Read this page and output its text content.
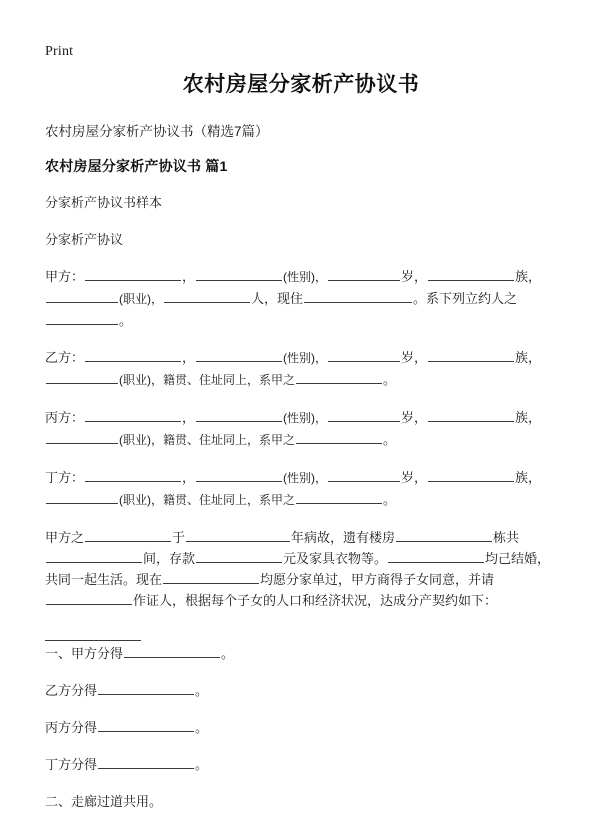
Print
农村房屋分家析产协议书

农村房屋分家析产协议书（精选7篇）

农村房屋分家析产协议书 篇1

分家析产协议书样本

分家析产协议

甲方：	，	(性别)，	岁，	族，(职业)，	人，现住	。系下列立约人之。

乙方：	，	(性别)，	岁，	族，(职业)，籍贯、住址同上，系甲之	。

丙方：	，	(性别)，	岁，	族，(职业)，籍贯、住址同上，系甲之	。

丁方：	，	(性别)，	岁，	族，(职业)，籍贯、住址同上，系甲之	。

甲方之	于	年病故，遗有楼房	栋共间，存款	元及家具衣物等。	均己结婚，共同一起生活。现在	均愿分家单过，甲方商得子女同意，并请作证人，根据每个子女的人口和经济状况，达成分产契约如下：

一、甲方分得	。

乙方分得	。

丙方分得	。

丁方分得	。

二、走廊过道共用。
